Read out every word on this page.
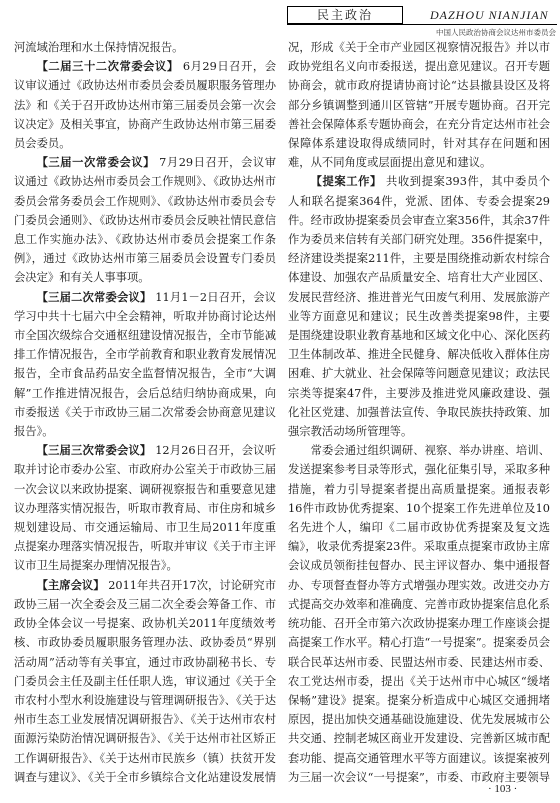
民主政治	DAZHOU NIANJIAN
中国人民政治协商会议达州市委员会

河流域治理和水土保持情况报告。

【二届三十二次常委会议】 6月29日召开，会议审议通过《政协达州市委员会委员履职服务管理办法》和《关于召开政协达州市第三届委员会第一次会议决定》及相关事宜，协商产生政协达州市第三届委员会委员。

【三届一次常委会议】 7月29日召开，会议审议通过《政协达州市委员会工作规则》、《政协达州市委员会常务委员会工作规则》、《政协达州市委员会专门委员会通则》、《政协达州市委员会反映社情民意信息工作实施办法》、《政协达州市委员会提案工作条例》，通过《政协达州市第三届委员会设置专门委员会决定》和有关人事事项。

【三届二次常委会议】 11月1－2日召开，会议学习中共十七届六中全会精神，听取并协商讨论达州市全国次级综合交通枢纽建设情况报告，全市节能减排工作情况报告，全市学前教育和职业教育发展情况报告，全市食品药品安全监督情况报告，全市“大调解”工作推进情况报告，会后总结归纳协商成果，向市委报送《关于市政协三届二次常委会协商意见建议报告》。

【三届三次常委会议】 12月26日召开，会议听取并讨论市委办公室、市政府办公室关于市政协三届一次会议以来政协提案、调研视察报告和重要意见建议办理落实情况报告，听取市教育局、市住房和城乡规划建设局、市交通运输局、市卫生局2011年度重点提案办理落实情况报告，听取并审议《关于市主评议市卫生局提案办理情况报告》。

【主席会议】 2011年共召开17次，讨论研究市政协三届一次全委会及三届二次全委会筹备工作、市政协全体会议一号提案、政协机关2011年度绩效考核、市政协委员履职服务管理办法、政协委员“界别活动周”活动等有关事宜，通过市政协副秘书长、专门委员会主任及副主任任职人选，审议通过《关于全市农村小型水利设施建设与管理调研报告》、《关于达州市生态工业发展情况调研报告》、《关于达州市农村面源污染防治情况调研报告》、《关于达州市社区矫正工作调研报告》、《关于达州市民族乡（镇）扶贫开发调查与建议》、《关于全市乡镇综合文化站建设发展情

况，形成《关于全市产业园区视察情况报告》并以市政协党组名义向市委报送，提出意见建议。召开专题协商会，就市政府提请协商讨论“达县撤县设区及将部分乡镇调整到通川区管辖”开展专题协商。召开完善社会保障体系专题协商会，在充分肯定达州市社会保障体系建设取得成绩同时，针对其存在问题和困难，从不同角度或层面提出意见和建议。

【提案工作】 共收到提案393件，其中委员个人和联名提案364件，党派、团体、专委会提案29件。经市政协提案委员会审查立案356件，其余37件作为委员来信转有关部门研究处理。356件提案中，经济建设类提案211件，主要是围绕推动新农村综合体建设、加强农产品质量安全、培育壮大产业园区、发展民营经济、推进普光气田废气利用、发展旅游产业等方面意见和建议；民生改善类提案98件，主要是围绕建设职业教育基地和区域文化中心、深化医药卫生体制改革、推进全民健身、解决低收入群体住房困难、扩大就业、社会保障等问题意见建议；政法民宗类等提案47件，主要涉及推进党风廉政建设、强化社区党建、加强普法宣传、争取民族扶持政策、加强宗教活动场所管理等。

常委会通过组织调研、视察、举办讲座、培训、发送提案参考目录等形式，强化征集引导，采取多种措施，着力引导提案者提出高质量提案。通报表彰16件市政协优秀提案、10个提案工作先进单位及10名先进个人，编印《二届市政协优秀提案及复文选编》，收录优秀提案23件。采取重点提案市政协主席会议成员领衔挂包督办、民主评议督办、集中通报督办、专项督查督办等方式增强办理实效。改进交办方式提高交办效率和准确度、完善市政协提案信息化系统功能、召开全市第六次政协提案办理工作座谈会提高提案工作水平。精心打造“一号提案”。提案委员会联合民革达州市委、民盟达州市委、民建达州市委、农工党达州市委，提出《关于达州市中心城区“缓堵保畅”建设》提案。提案分析造成中心城区交通拥堵原因，提出加快交通基础设施建设、优先发展城市公共交通、控制老城区商业开发建设、完善新区城市配套功能、提高交通管理水平等方面建议。该提案被列为三届一次会议“一号提案”，市委、市政府主要领导

· 103 ·
